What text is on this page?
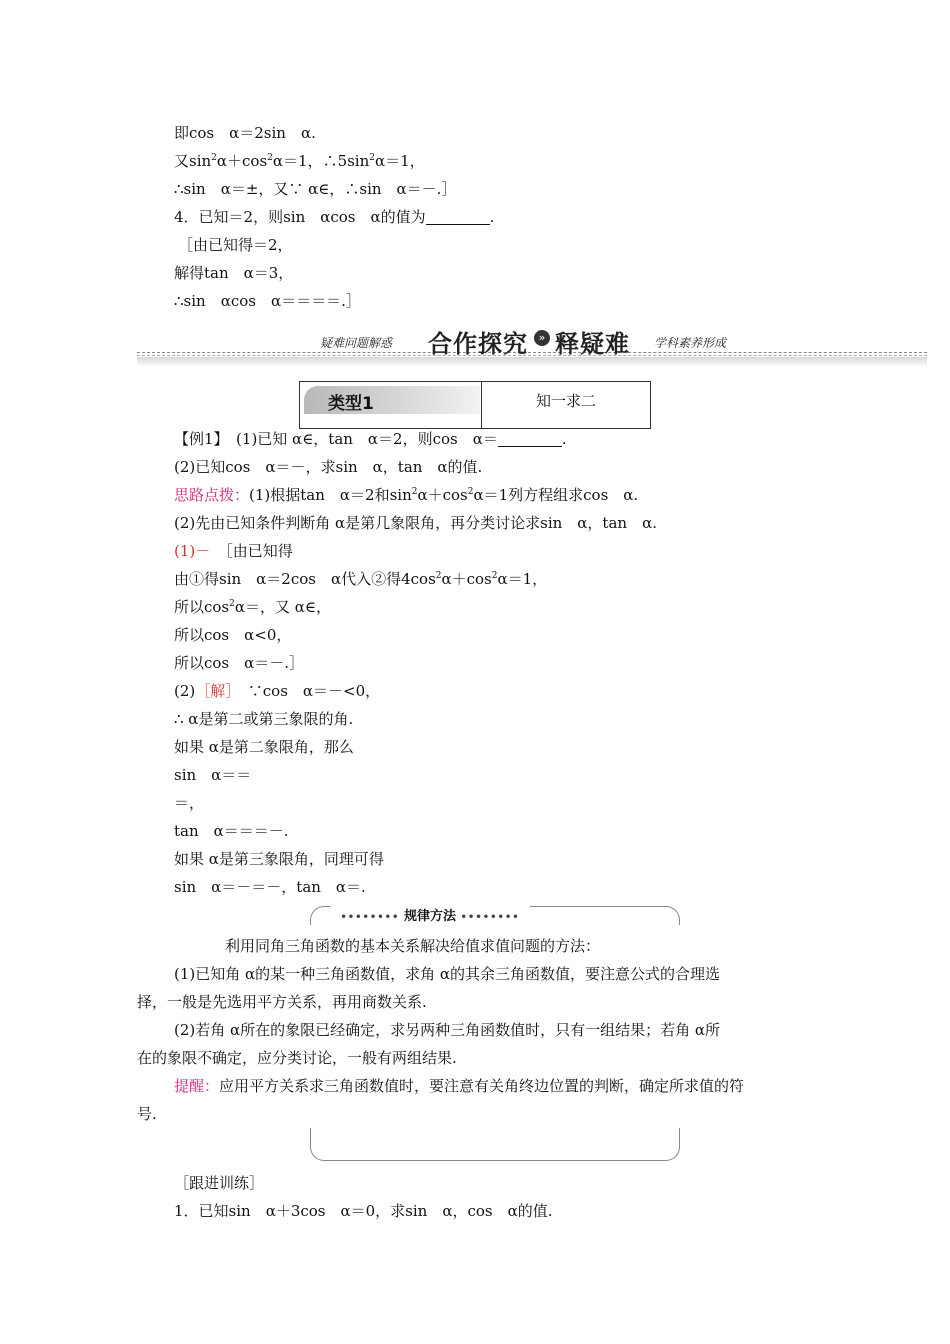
即cos　α＝2sin　α.
又$\sin^2\alpha+\cos^2\alpha=1$，$\therefore 5\sin^2\alpha=1$，
∴sin　α＝±，又∵ α∈，∴sin　α＝－.］
4．已知＝2，则sin　αcos　α的值为	.
［由已知得＝2，
解得tan　α＝3，
∴sin　αcos　α＝＝＝＝.］
疑难问题解惑 合作探究 » 释疑难 学科素养形成
类型1	知一求二
【例1】　(1)已知 α∈，tan　α＝2，则cos　α＝	.
(2)已知cos　α＝－，求sin　α，tan　α的值.
思路点拨：(1)根据tan　α＝2和$\sin^2\alpha+\cos^2\alpha=1$列方程组求cos　α.
(2)先由已知条件判断角 α是第几象限角，再分类讨论求sin　α，tan　α.
(1)－　［由已知得
由①得sin　α＝2cos　α代入②得$4\cos^2\alpha+\cos^2\alpha=1$，
所以$\cos^2\alpha=$，又 α∈，
所以cos　α<0，
所以cos　α＝－.］
(2)［解］　∵cos　α＝－<0，
∴ α是第二或第三象限的角.
如果 α是第二象限角，那么
sin　α＝＝
＝，
tan　α＝＝＝－.
如果 α是第三象限角，同理可得
sin　α＝－＝－，tan　α＝.
•••••••• 规律方法 ••••••••
利用同角三角函数的基本关系解决给值求值问题的方法：
(1)已知角 α的某一种三角函数值，求角 α的其余三角函数值，要注意公式的合理选
择，一般是先选用平方关系，再用商数关系.
(2)若角 α所在的象限已经确定，求另两种三角函数值时，只有一组结果；若角 α所
在的象限不确定，应分类讨论，一般有两组结果.
提醒：应用平方关系求三角函数值时，要注意有关角终边位置的判断，确定所求值的符
号.
［跟进训练］
1．已知sin　α＋3cos　α＝0，求sin　α，cos　α的值.
